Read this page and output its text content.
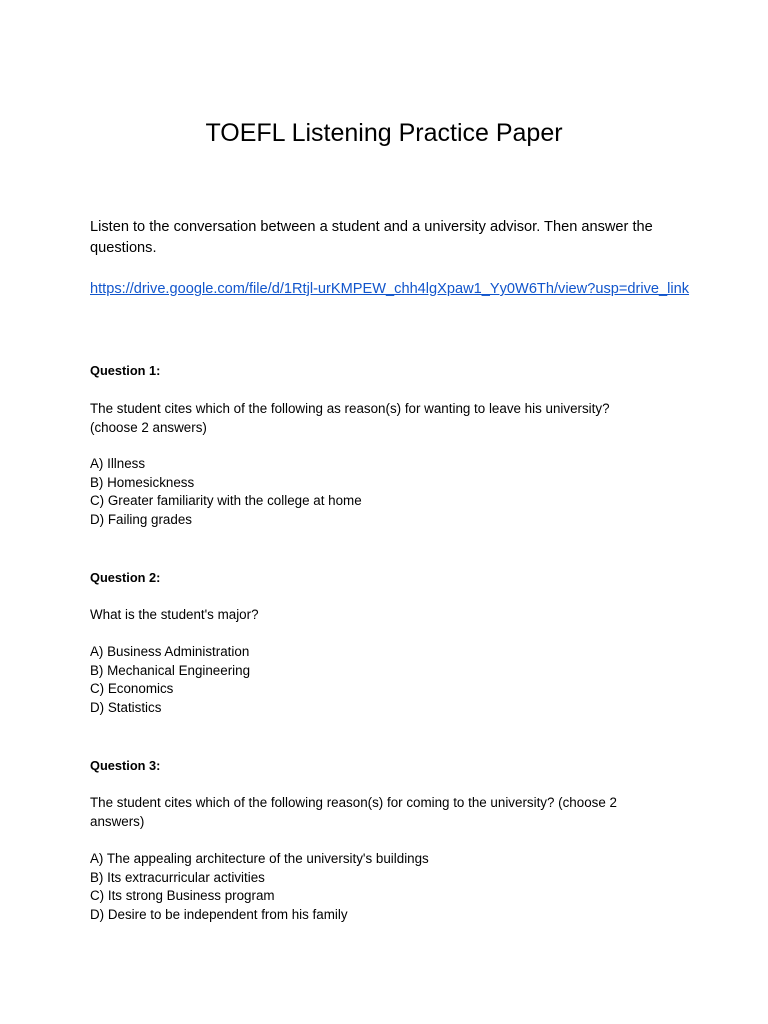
TOEFL Listening Practice Paper

Listen to the conversation between a student and a university advisor. Then answer the questions.

https://drive.google.com/file/d/1Rtjl-urKMPEW_chh4lgXpaw1_Yy0W6Th/view?usp=drive_link

Question 1:

The student cites which of the following as reason(s) for wanting to leave his university? (choose 2 answers)

A) Illness
B) Homesickness
C) Greater familiarity with the college at home
D) Failing grades

Question 2:

What is the student's major?

A) Business Administration
B) Mechanical Engineering
C) Economics
D) Statistics

Question 3:

The student cites which of the following reason(s) for coming to the university? (choose 2 answers)

A) The appealing architecture of the university's buildings
B) Its extracurricular activities
C) Its strong Business program
D) Desire to be independent from his family
